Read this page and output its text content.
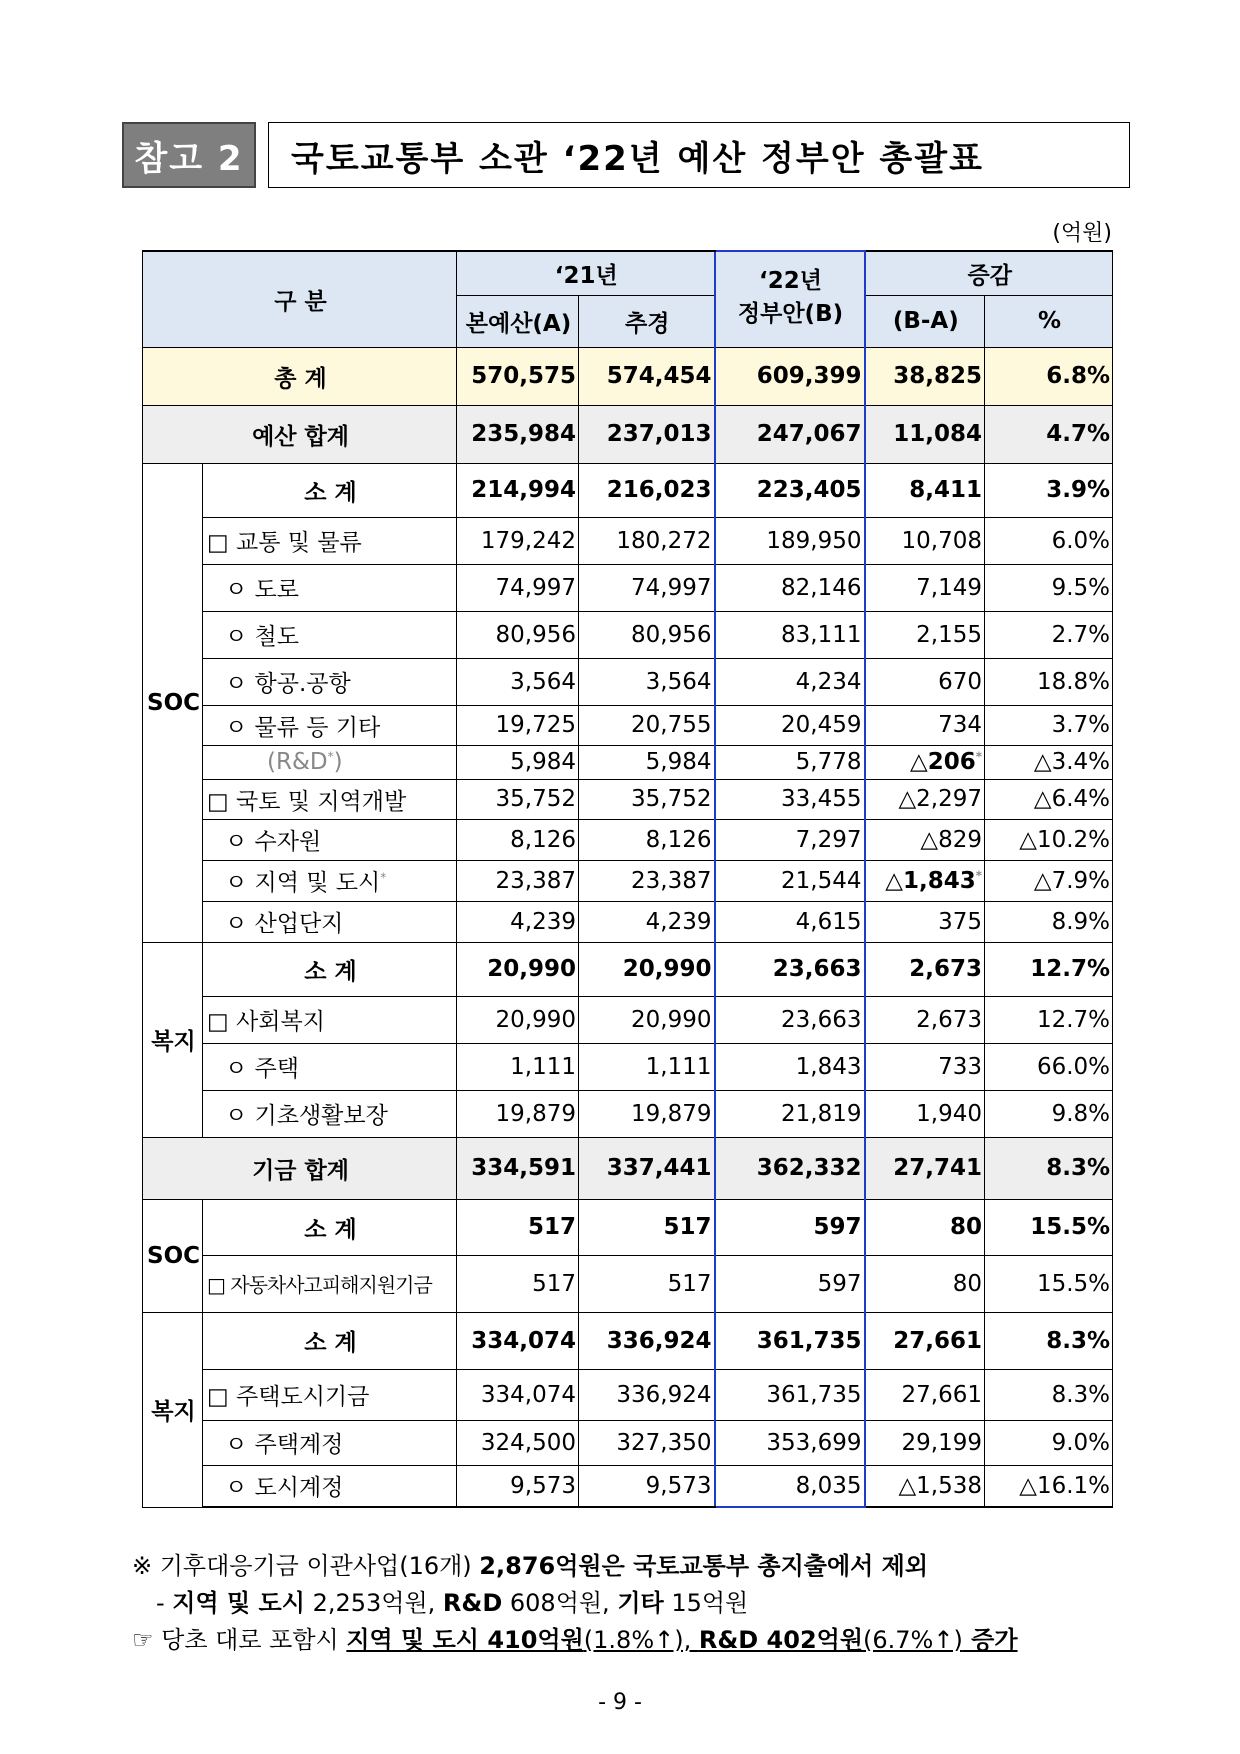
참고 2	국토교통부 소관 ‘22년 예산 정부안 총괄표
(억원)
구 분		‘21년		‘22년	증감	
		본예산(A)	추경	정부안(B)	(B-A)	%
총 계		570,575	574,454	609,399	38,825	6.8%
예산 합계		235,984	237,013	247,067	11,084	4.7%
SOC	소 계	214,994	216,023	223,405	8,411	3.9%
	□ 교통 및 물류	179,242	180,272	189,950	10,708	6.0%
	ㅇ 도로	74,997	74,997	82,146	7,149	9.5%
	ㅇ 철도	80,956	80,956	83,111	2,155	2.7%
	ㅇ 항공.공항	3,564	3,564	4,234	670	18.8%
	ㅇ 물류 등 기타	19,725	20,755	20,459	734	3.7%
	(R&D*)	5,984	5,984	5,778	△206*	△3.4%
	□ 국토 및 지역개발	35,752	35,752	33,455	△2,297	△6.4%
	ㅇ 수자원	8,126	8,126	7,297	△829	△10.2%
	ㅇ 지역 및 도시*	23,387	23,387	21,544	△1,843*	△7.9%
	ㅇ 산업단지	4,239	4,239	4,615	375	8.9%
복지	소 계	20,990	20,990	23,663	2,673	12.7%
	□ 사회복지	20,990	20,990	23,663	2,673	12.7%
	ㅇ 주택	1,111	1,111	1,843	733	66.0%
	ㅇ 기초생활보장	19,879	19,879	21,819	1,940	9.8%
기금 합계		334,591	337,441	362,332	27,741	8.3%
SOC	소 계	517	517	597	80	15.5%
	□ 자동차사고피해지원기금	517	517	597	80	15.5%
복지	소 계	334,074	336,924	361,735	27,661	8.3%
	□ 주택도시기금	334,074	336,924	361,735	27,661	8.3%
	ㅇ 주택계정	324,500	327,350	353,699	29,199	9.0%
	ㅇ 도시계정	9,573	9,573	8,035	△1,538	△16.1%
※ 기후대응기금 이관사업(16개) 2,876억원은 국토교통부 총지출에서 제외
- 지역 및 도시 2,253억원, R&D 608억원, 기타 15억원
☞ 당초 대로 포함시 지역 및 도시 410억원(1.8%↑), R&D 402억원(6.7%↑) 증가
- 9 -
